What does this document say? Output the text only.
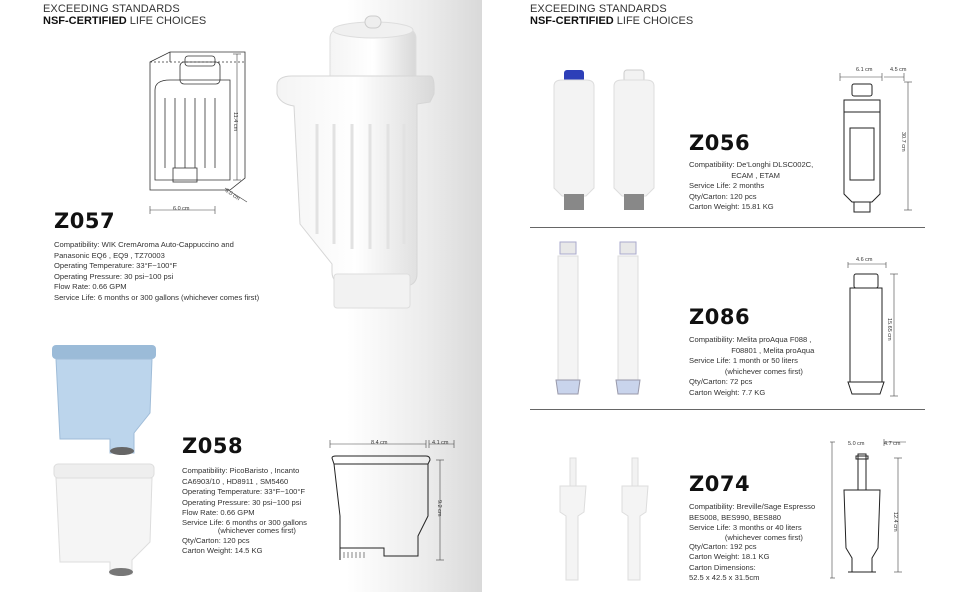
EXCEEDING STANDARDS
NSF-CERTIFIED LIFE CHOICES
6.0 cm
11.4 cm
6.0 cm
Z057
Compatibility: WIK CremAroma Auto-Cappuccino and
Panasonic EQ6 , EQ9 , TZ70003
Operating Temperature: 33°F~100°F
Operating Pressure: 30 psi~100 psi
Flow Rate: 0.66 GPM
Service Life: 6 months or 300 gallons (whichever comes first)
Z058
Compatibility: PicoBaristo , Incanto
CA6903/10 , HD8911 , SM5460
Operating Temperature: 33°F~100°F
Operating Pressure: 30 psi~100 psi
Flow Rate: 0.66 GPM
Service Life: 6 months or 300 gallons
(whichever comes first)
Qty/Carton: 120 pcs
Carton Weight: 14.5 KG
8.4 cm	4.1 cm
9.2 cm
EXCEEDING STANDARDS
NSF-CERTIFIED LIFE CHOICES
Z056
Compatibility: De'Longhi DLSC002C,
ECAM , ETAM
Service Life: 2 months
Qty/Carton: 120 pcs
Carton Weight: 15.81 KG
6.1 cm	4.5 cm
30.7 cm
Z086
Compatibility: Melita proAqua F088 ,
F08801 , Melita proAqua
Service Life: 1 month or 50 liters
(whichever comes first)
Qty/Carton: 72 pcs
Carton Weight: 7.7 KG
4.6 cm
15.65 cm
Z074
Compatibility: Breville/Sage Espresso
BES008, BES990, BES880
Service Life: 3 months or 40 liters
(whichever comes first)
Qty/Carton: 192 pcs
Carton Weight: 18.1 KG
Carton Dimensions:
52.5 x 42.5 x 31.5cm
5.0 cm	4.7 cm
12.4 cm
